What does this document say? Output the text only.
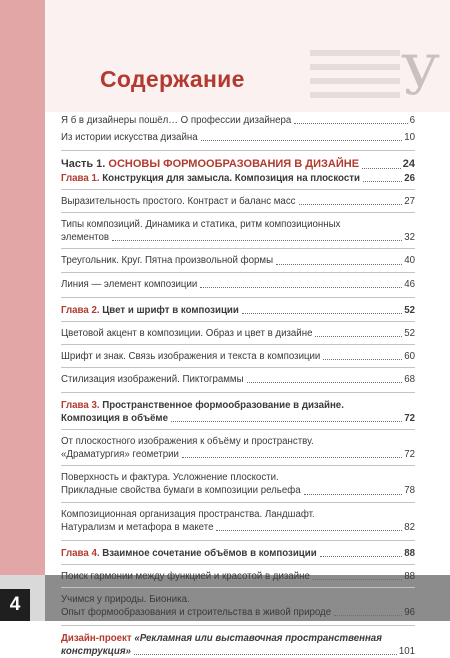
4
У
Содержание
Я б в дизайнеры пошёл… О профессии дизайнера	6
Из истории искусства дизайна	10
Часть 1. ОСНОВЫ ФОРМООБРАЗОВАНИЯ В ДИЗАЙНЕ	24
Глава 1. Конструкция для замысла. Композиция на плоскости	26
Выразительность простого. Контраст и баланс масс	27
Типы композиций. Динамика и статика, ритм композиционных
элементов	32
Треугольник. Круг. Пятна произвольной формы	40
Линия — элемент композиции	46
Глава 2. Цвет и шрифт в композиции	52
Цветовой акцент в композиции. Образ и цвет в дизайне	52
Шрифт и знак. Связь изображения и текста в композиции	60
Стилизация изображений. Пиктограммы	68
Глава 3. Пространственное формообразование в дизайне.
Композиция в объёме	72
От плоскостного изображения к объёму и пространству.
«Драматургия» геометрии	72
Поверхность и фактура. Усложнение плоскости.
Прикладные свойства бумаги в композиции рельефа	78
Композиционная организация пространства. Ландшафт.
Натурализм и метафора в макете	82
Глава 4. Взаимное сочетание объёмов в композиции	88
Поиск гармонии между функцией и красотой в дизайне	88
Учимся у природы. Бионика.
Опыт формообразования и строительства в живой природе	96
Дизайн-проект «Рекламная или выставочная пространственная
конструкция»	101
